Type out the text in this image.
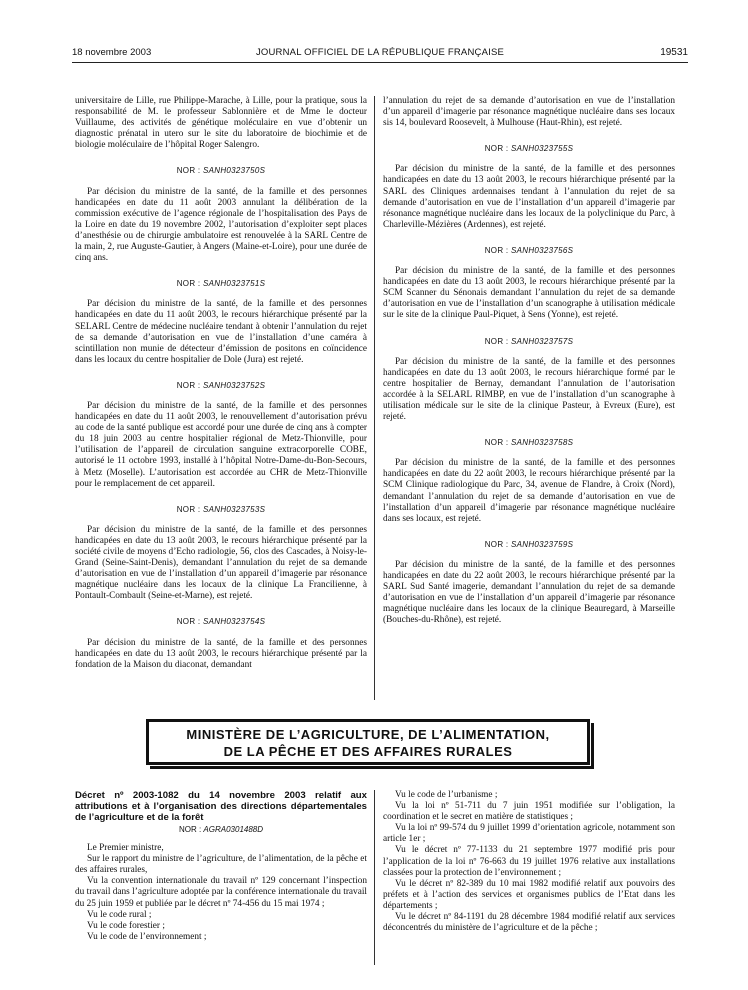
18 novembre 2003	JOURNAL OFFICIEL DE LA RÉPUBLIQUE FRANÇAISE	19531

universitaire de Lille, rue Philippe-Marache, à Lille, pour la pratique, sous la responsabilité de M. le professeur Sablonnière et de Mme le docteur Vuillaume, des activités de génétique moléculaire en vue d’obtenir un diagnostic prénatal in utero sur le site du laboratoire de biochimie et de biologie moléculaire de l’hôpital Roger Salengro.

NOR : SANH0323750S

Par décision du ministre de la santé, de la famille et des personnes handicapées en date du 11 août 2003 annulant la délibération de la commission exécutive de l’agence régionale de l’hospitalisation des Pays de la Loire en date du 19 novembre 2002, l’autorisation d’exploiter sept places d’anesthésie ou de chirurgie ambulatoire est renouvelée à la SARL Centre de la main, 2, rue Auguste-Gautier, à Angers (Maine-et-Loire), pour une durée de cinq ans.

NOR : SANH0323751S

Par décision du ministre de la santé, de la famille et des personnes handicapées en date du 11 août 2003, le recours hiérarchique présenté par la SELARL Centre de médecine nucléaire tendant à obtenir l’annulation du rejet de sa demande d’autorisation en vue de l’installation d’une caméra à scintillation non munie de détecteur d’émission de positons en coïncidence dans les locaux du centre hospitalier de Dole (Jura) est rejeté.

NOR : SANH0323752S

Par décision du ministre de la santé, de la famille et des personnes handicapées en date du 11 août 2003, le renouvellement d’autorisation prévu au code de la santé publique est accordé pour une durée de cinq ans à compter du 18 juin 2003 au centre hospitalier régional de Metz-Thionville, pour l’utilisation de l’appareil de circulation sanguine extracorporelle COBE, autorisé le 11 octobre 1993, installé à l’hôpital Notre-Dame-du-Bon-Secours, à Metz (Moselle). L’autorisation est accordée au CHR de Metz-Thionville pour le remplacement de cet appareil.

NOR : SANH0323753S

Par décision du ministre de la santé, de la famille et des personnes handicapées en date du 13 août 2003, le recours hiérarchique présenté par la société civile de moyens d’Echo radiologie, 56, clos des Cascades, à Noisy-le-Grand (Seine-Saint-Denis), demandant l’annulation du rejet de sa demande d’autorisation en vue de l’installation d’un appareil d’imagerie par résonance magnétique nucléaire dans les locaux de la clinique La Francilienne, à Pontault-Combault (Seine-et-Marne), est rejeté.

NOR : SANH0323754S

Par décision du ministre de la santé, de la famille et des personnes handicapées en date du 13 août 2003, le recours hiérarchique présenté par la fondation de la Maison du diaconat, demandant

l’annulation du rejet de sa demande d’autorisation en vue de l’installation d’un appareil d’imagerie par résonance magnétique nucléaire dans ses locaux sis 14, boulevard Roosevelt, à Mulhouse (Haut-Rhin), est rejeté.

NOR : SANH0323755S

Par décision du ministre de la santé, de la famille et des personnes handicapées en date du 13 août 2003, le recours hiérarchique présenté par la SARL des Cliniques ardennaises tendant à l’annulation du rejet de sa demande d’autorisation en vue de l’installation d’un appareil d’imagerie par résonance magnétique nucléaire dans les locaux de la polyclinique du Parc, à Charleville-Mézières (Ardennes), est rejeté.

NOR : SANH0323756S

Par décision du ministre de la santé, de la famille et des personnes handicapées en date du 13 août 2003, le recours hiérarchique présenté par la SCM Scanner du Sénonais demandant l’annulation du rejet de sa demande d’autorisation en vue de l’installation d’un scanographe à utilisation médicale sur le site de la clinique Paul-Piquet, à Sens (Yonne), est rejeté.

NOR : SANH0323757S

Par décision du ministre de la santé, de la famille et des personnes handicapées en date du 13 août 2003, le recours hiérarchique formé par le centre hospitalier de Bernay, demandant l’annulation de l’autorisation accordée à la SELARL RIMBP, en vue de l’installation d’un scanographe à utilisation médicale sur le site de la clinique Pasteur, à Evreux (Eure), est rejeté.

NOR : SANH0323758S

Par décision du ministre de la santé, de la famille et des personnes handicapées en date du 22 août 2003, le recours hiérarchique présenté par la SCM Clinique radiologique du Parc, 34, avenue de Flandre, à Croix (Nord), demandant l’annulation du rejet de sa demande d’autorisation en vue de l’installation d’un appareil d’imagerie par résonance magnétique nucléaire dans ses locaux, est rejeté.

NOR : SANH0323759S

Par décision du ministre de la santé, de la famille et des personnes handicapées en date du 22 août 2003, le recours hiérarchique présenté par la SARL Sud Santé imagerie, demandant l’annulation du rejet de sa demande d’autorisation en vue de l’installation d’un appareil d’imagerie par résonance magnétique nucléaire dans les locaux de la clinique Beauregard, à Marseille (Bouches-du-Rhône), est rejeté.

MINISTÈRE DE L’AGRICULTURE, DE L’ALIMENTATION,
DE LA PÊCHE ET DES AFFAIRES RURALES

Décret nº 2003-1082 du 14 novembre 2003 relatif aux attributions et à l’organisation des directions départementales de l’agriculture et de la forêt

NOR : AGRA0301488D

Le Premier ministre,

Sur le rapport du ministre de l’agriculture, de l’alimentation, de la pêche et des affaires rurales,

Vu la convention internationale du travail nº 129 concernant l’inspection du travail dans l’agriculture adoptée par la conférence internationale du travail du 25 juin 1959 et publiée par le décret nº 74-456 du 15 mai 1974 ;

Vu le code rural ;

Vu le code forestier ;

Vu le code de l’environnement ;

Vu le code de l’urbanisme ;

Vu la loi nº 51-711 du 7 juin 1951 modifiée sur l’obligation, la coordination et le secret en matière de statistiques ;

Vu la loi nº 99-574 du 9 juillet 1999 d’orientation agricole, notamment son article 1er ;

Vu le décret nº 77-1133 du 21 septembre 1977 modifié pris pour l’application de la loi nº 76-663 du 19 juillet 1976 relative aux installations classées pour la protection de l’environnement ;

Vu le décret nº 82-389 du 10 mai 1982 modifié relatif aux pouvoirs des préfets et à l’action des services et organismes publics de l’Etat dans les départements ;

Vu le décret nº 84-1191 du 28 décembre 1984 modifié relatif aux services déconcentrés du ministère de l’agriculture et de la pêche ;
